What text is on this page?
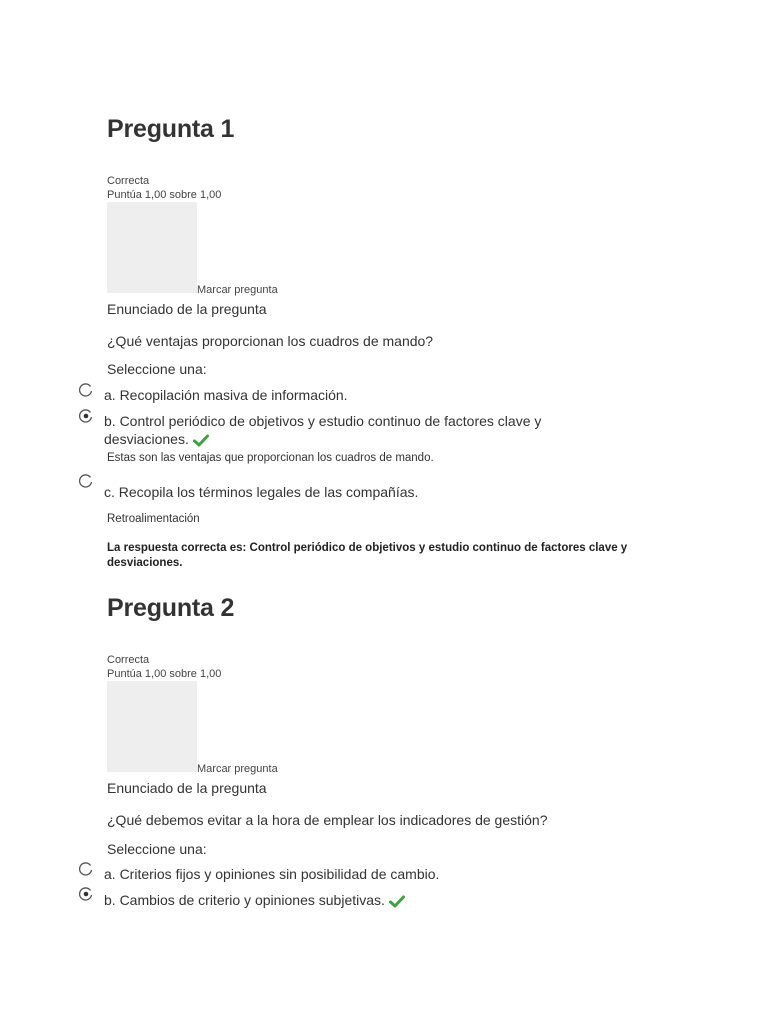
Pregunta 1
Correcta
Puntúa 1,00 sobre 1,00
Marcar pregunta
Enunciado de la pregunta
¿Qué ventajas proporcionan los cuadros de mando?
Seleccione una:
a. Recopilación masiva de información.
b. Control periódico de objetivos y estudio continuo de factores clave y desviaciones.
Estas son las ventajas que proporcionan los cuadros de mando.
c. Recopila los términos legales de las compañías.
Retroalimentación
La respuesta correcta es: Control periódico de objetivos y estudio continuo de factores clave y desviaciones.
Pregunta 2
Correcta
Puntúa 1,00 sobre 1,00
Marcar pregunta
Enunciado de la pregunta
¿Qué debemos evitar a la hora de emplear los indicadores de gestión?
Seleccione una:
a. Criterios fijos y opiniones sin posibilidad de cambio.
b. Cambios de criterio y opiniones subjetivas.
